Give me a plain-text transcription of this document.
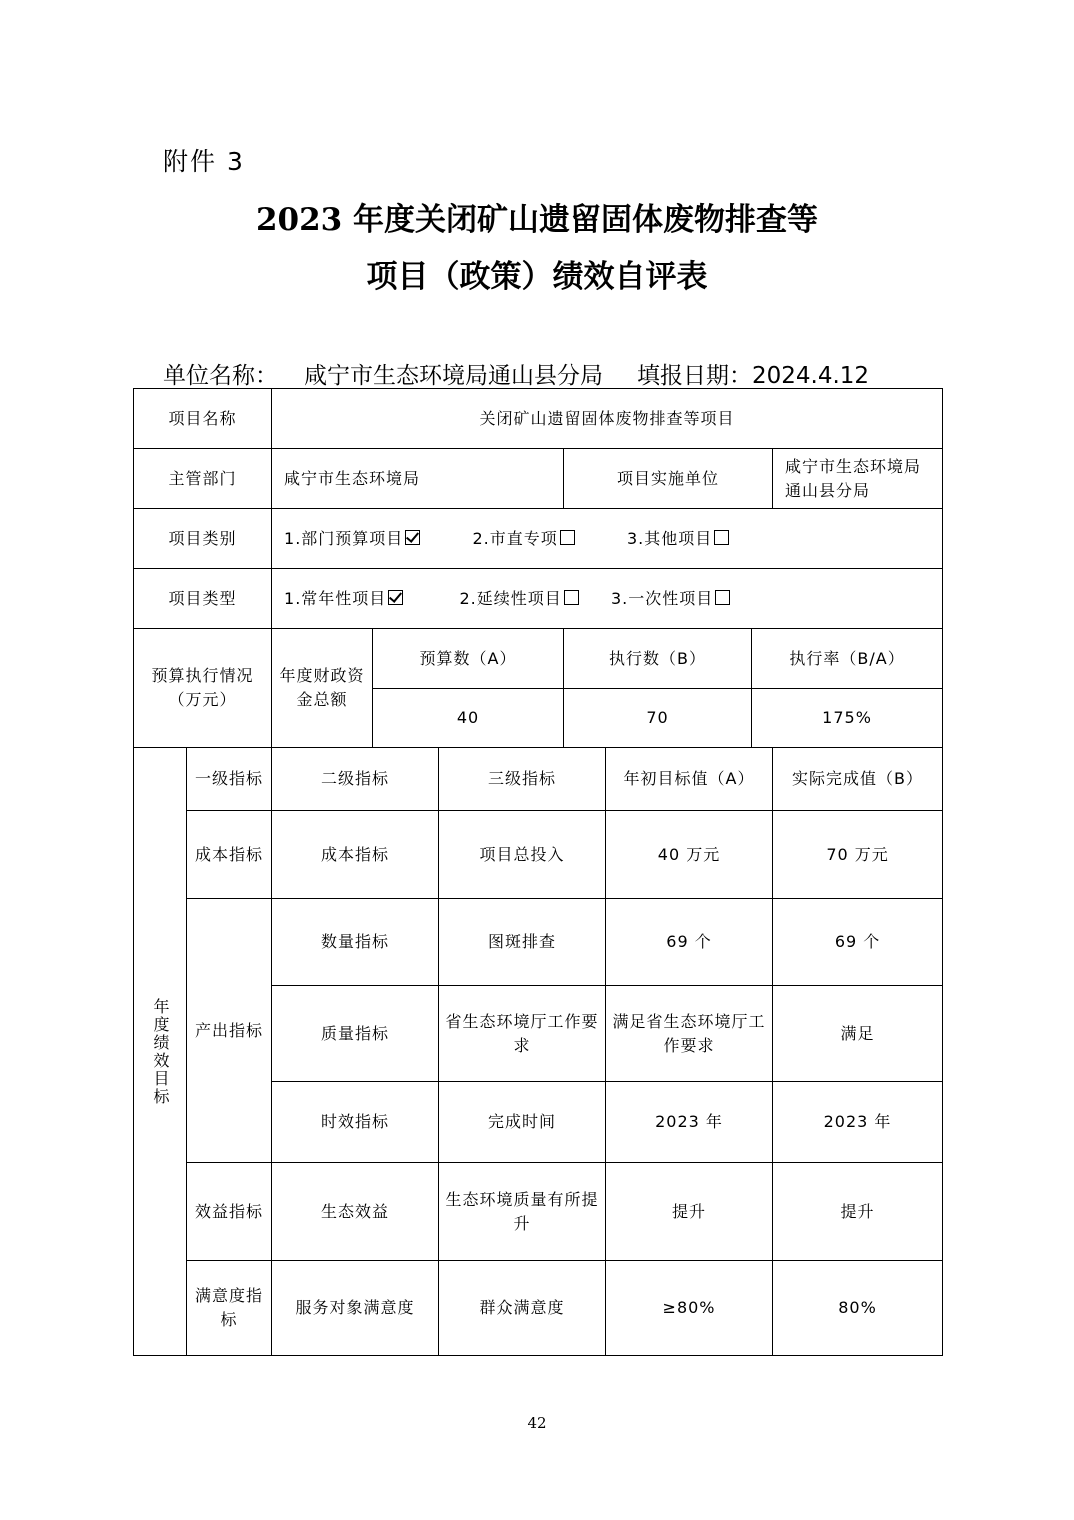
附件 3
2023 年度关闭矿山遗留固体废物排查等
项目（政策）绩效自评表
单位名称： 咸宁市生态环境局通山县分局 填报日期：2024.4.12
项目名称		关闭矿山遗留固体废物排查等项目						
主管部门		咸宁市生态环境局			项目实施单位			咸宁市生态环境局通山县分局
项目类别		1.部门预算项目 2.市直专项 3.其他项目						
项目类型		1.常年性项目 2.延续性项目 3.一次性项目						
预算执行情况（万元）		年度财政资金总额	预算数（A）		执行数（B）		执行率（B/A）	
			40		70		175%	

年度绩效目标	一级指标	二级指标		三级指标		年初目标值（A）		实际完成值（B）
	成本指标	成本指标		项目总投入		40 万元		70 万元
	产出指标	数量指标		图斑排查		69 个		69 个
		质量指标		省生态环境厅工作要求		满足省生态环境厅工作要求		满足
		时效指标		完成时间		2023 年		2023 年
	效益指标	生态效益		生态环境质量有所提升		提升		提升
	满意度指 标	服务对象满意度		群众满意度		≥80%		80%
42
